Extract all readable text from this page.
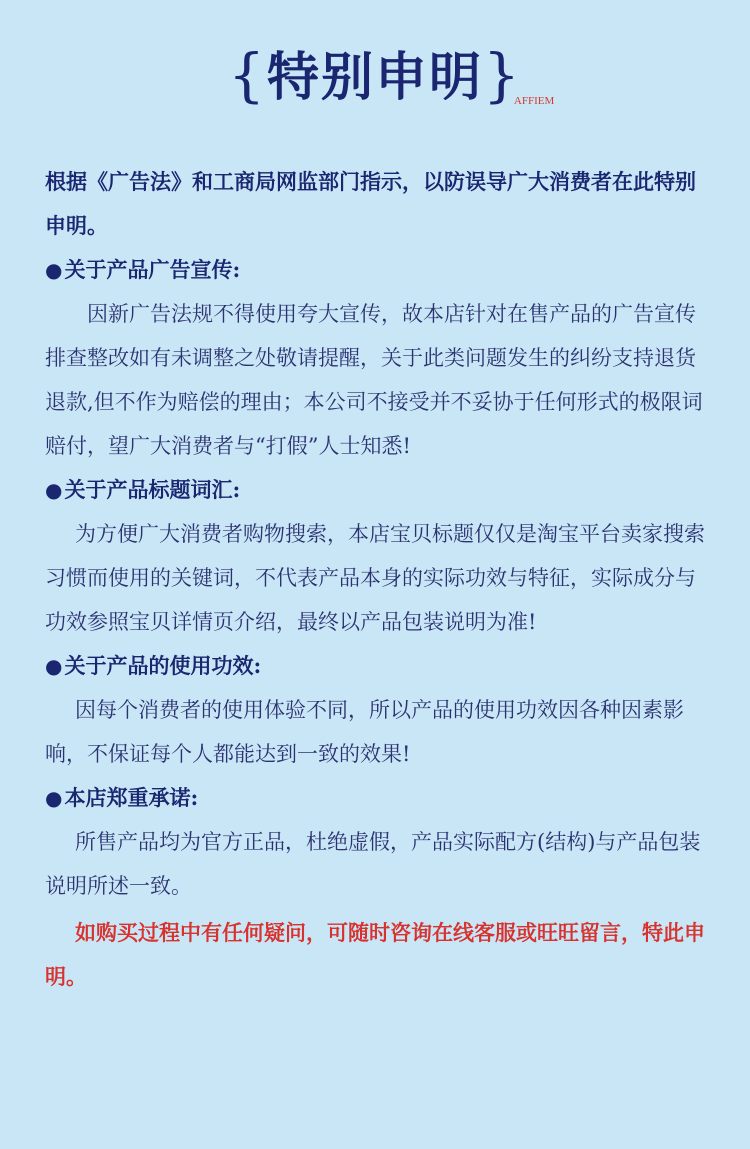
{特别申明}
AFFIEM

根据《广告法》和工商局网监部门指示，以防误导广大消费者在此特别申明。

●关于产品广告宣传:

因新广告法规不得使用夸大宣传，故本店针对在售产品的广告宣传排查整改如有未调整之处敬请提醒，关于此类问题发生的纠纷支持退货退款,但不作为赔偿的理由；本公司不接受并不妥协于任何形式的极限词赔付，望广大消费者与“打假”人士知悉!

●关于产品标题词汇:

为方便广大消费者购物搜索，本店宝贝标题仅仅是淘宝平台卖家搜索习惯而使用的关键词，不代表产品本身的实际功效与特征，实际成分与功效参照宝贝详情页介绍，最终以产品包装说明为准!

●关于产品的使用功效:

因每个消费者的使用体验不同，所以产品的使用功效因各种因素影响，不保证每个人都能达到一致的效果!

●本店郑重承诺:

所售产品均为官方正品，杜绝虚假，产品实际配方(结构)与产品包装说明所述一致。

如购买过程中有任何疑问，可随时咨询在线客服或旺旺留言，特此申明。
